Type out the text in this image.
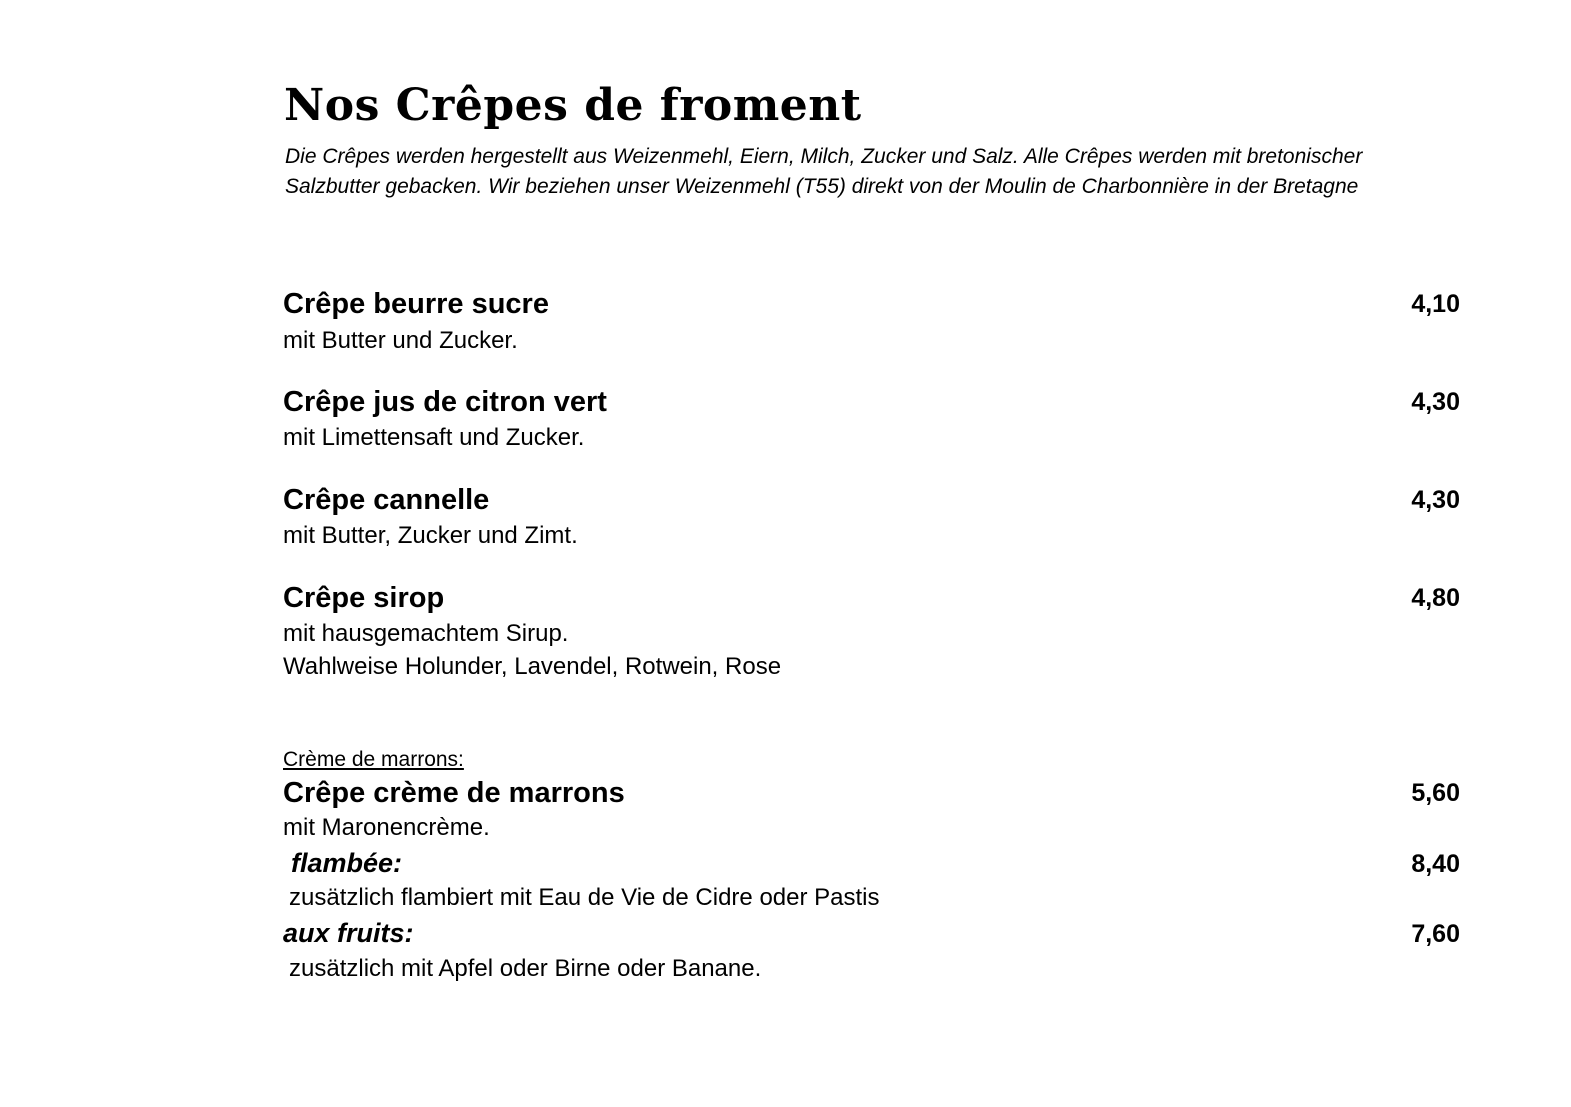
Nos Crêpes de froment
Die Crêpes werden hergestellt aus Weizenmehl, Eiern, Milch, Zucker und Salz. Alle Crêpes werden mit bretonischer
Salzbutter gebacken. Wir beziehen unser Weizenmehl (T55) direkt von der Moulin de Charbonnière in der Bretagne
Crêpe beurre sucre	4,10
mit Butter und Zucker.
Crêpe jus de citron vert	4,30
mit Limettensaft und Zucker.
Crêpe cannelle	4,30
mit Butter, Zucker und Zimt.
Crêpe sirop	4,80
mit hausgemachtem Sirup.
Wahlweise Holunder, Lavendel, Rotwein, Rose
Crème de marrons:
Crêpe crème de marrons	5,60
mit Maronencrème.
flambée:	8,40
zusätzlich flambiert mit Eau de Vie de Cidre oder Pastis
aux fruits:	7,60
zusätzlich mit Apfel oder Birne oder Banane.
